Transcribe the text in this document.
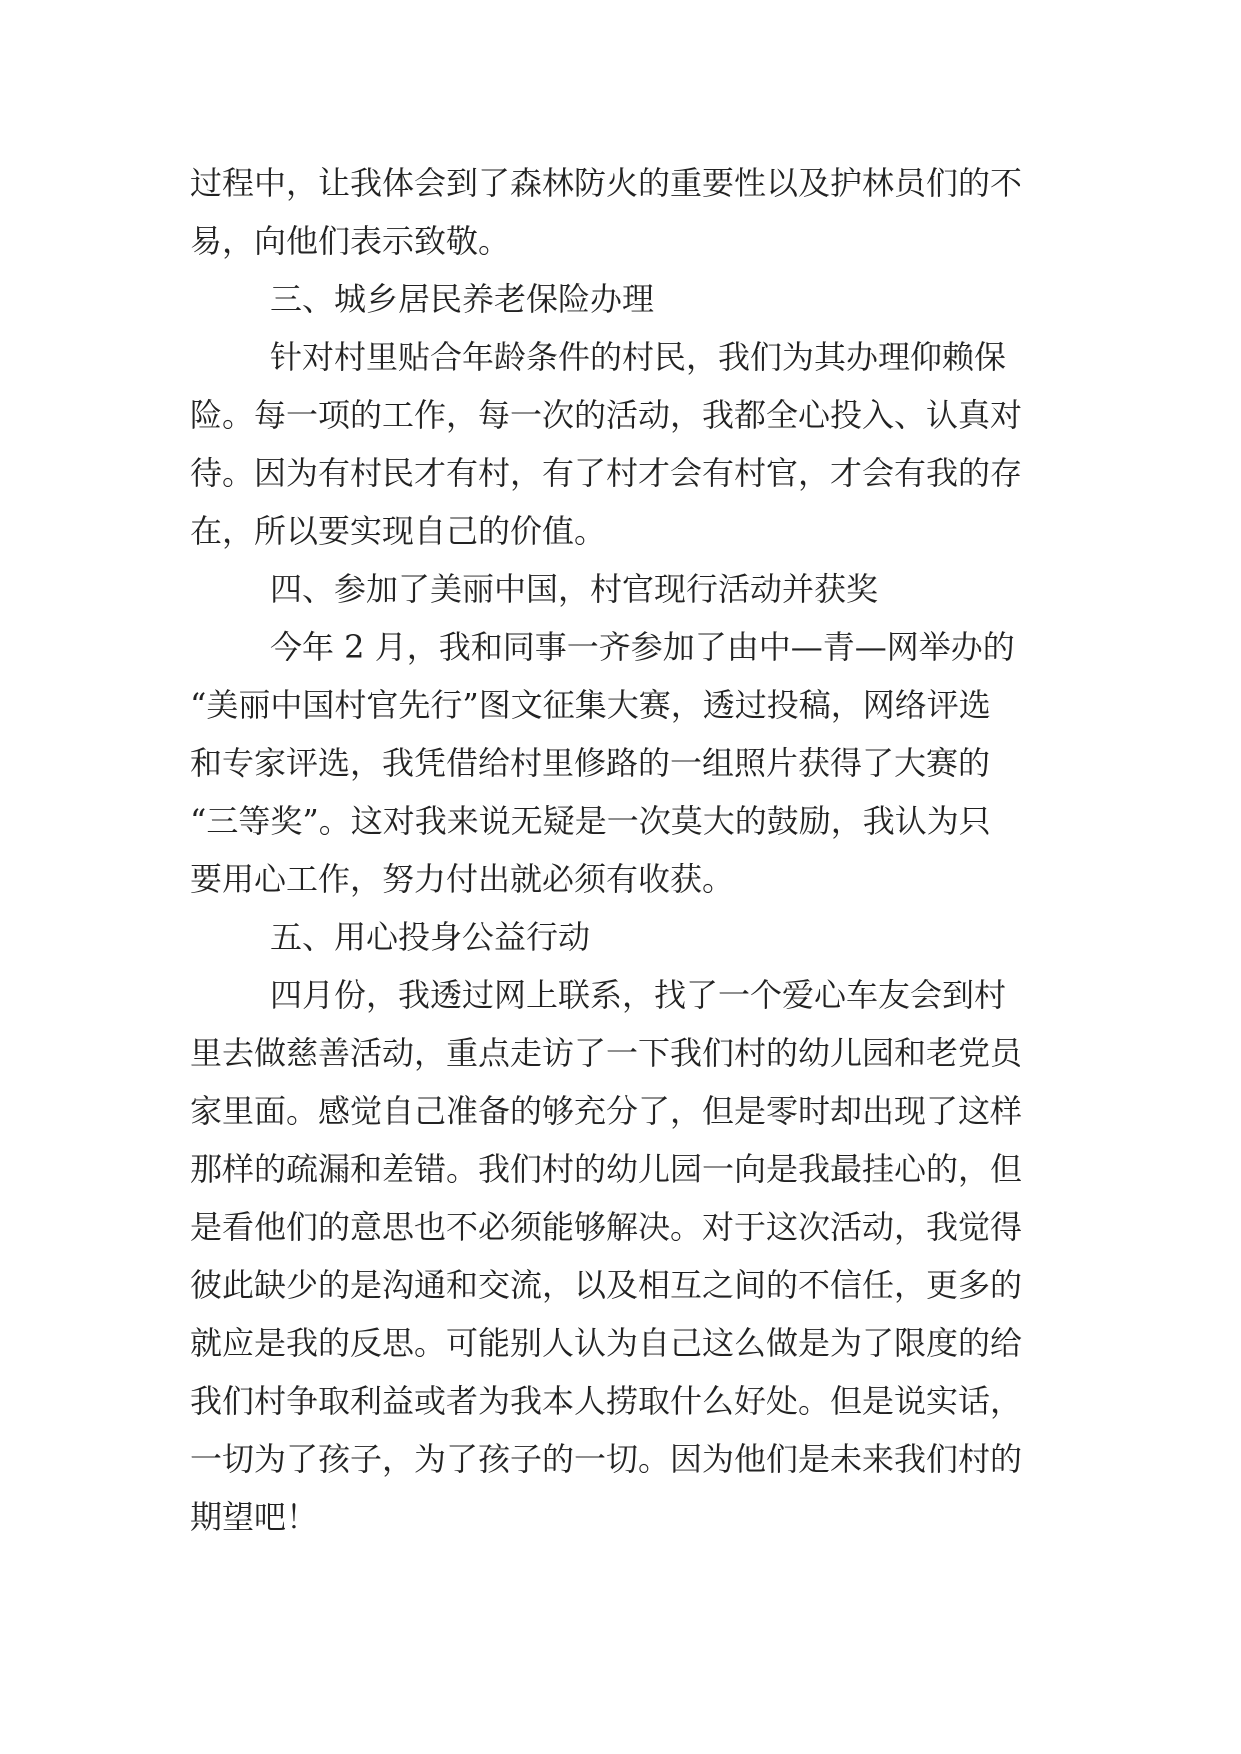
过程中，让我体会到了森林防火的重要性以及护林员们的不
易，向他们表示致敬。
三、城乡居民养老保险办理
针对村里贴合年龄条件的村民，我们为其办理仰赖保
险。每一项的工作，每一次的活动，我都全心投入、认真对
待。因为有村民才有村，有了村才会有村官，才会有我的存
在，所以要实现自己的价值。
四、参加了美丽中国，村官现行活动并获奖
今年 2 月，我和同事一齐参加了由中—青—网举办的
“美丽中国村官先行”图文征集大赛，透过投稿，网络评选
和专家评选，我凭借给村里修路的一组照片获得了大赛的
“三等奖”。这对我来说无疑是一次莫大的鼓励，我认为只
要用心工作，努力付出就必须有收获。
五、用心投身公益行动
四月份，我透过网上联系，找了一个爱心车友会到村
里去做慈善活动，重点走访了一下我们村的幼儿园和老党员
家里面。感觉自己准备的够充分了，但是零时却出现了这样
那样的疏漏和差错。我们村的幼儿园一向是我最挂心的，但
是看他们的意思也不必须能够解决。对于这次活动，我觉得
彼此缺少的是沟通和交流，以及相互之间的不信任，更多的
就应是我的反思。可能别人认为自己这么做是为了限度的给
我们村争取利益或者为我本人捞取什么好处。但是说实话，
一切为了孩子，为了孩子的一切。因为他们是未来我们村的
期望吧！
